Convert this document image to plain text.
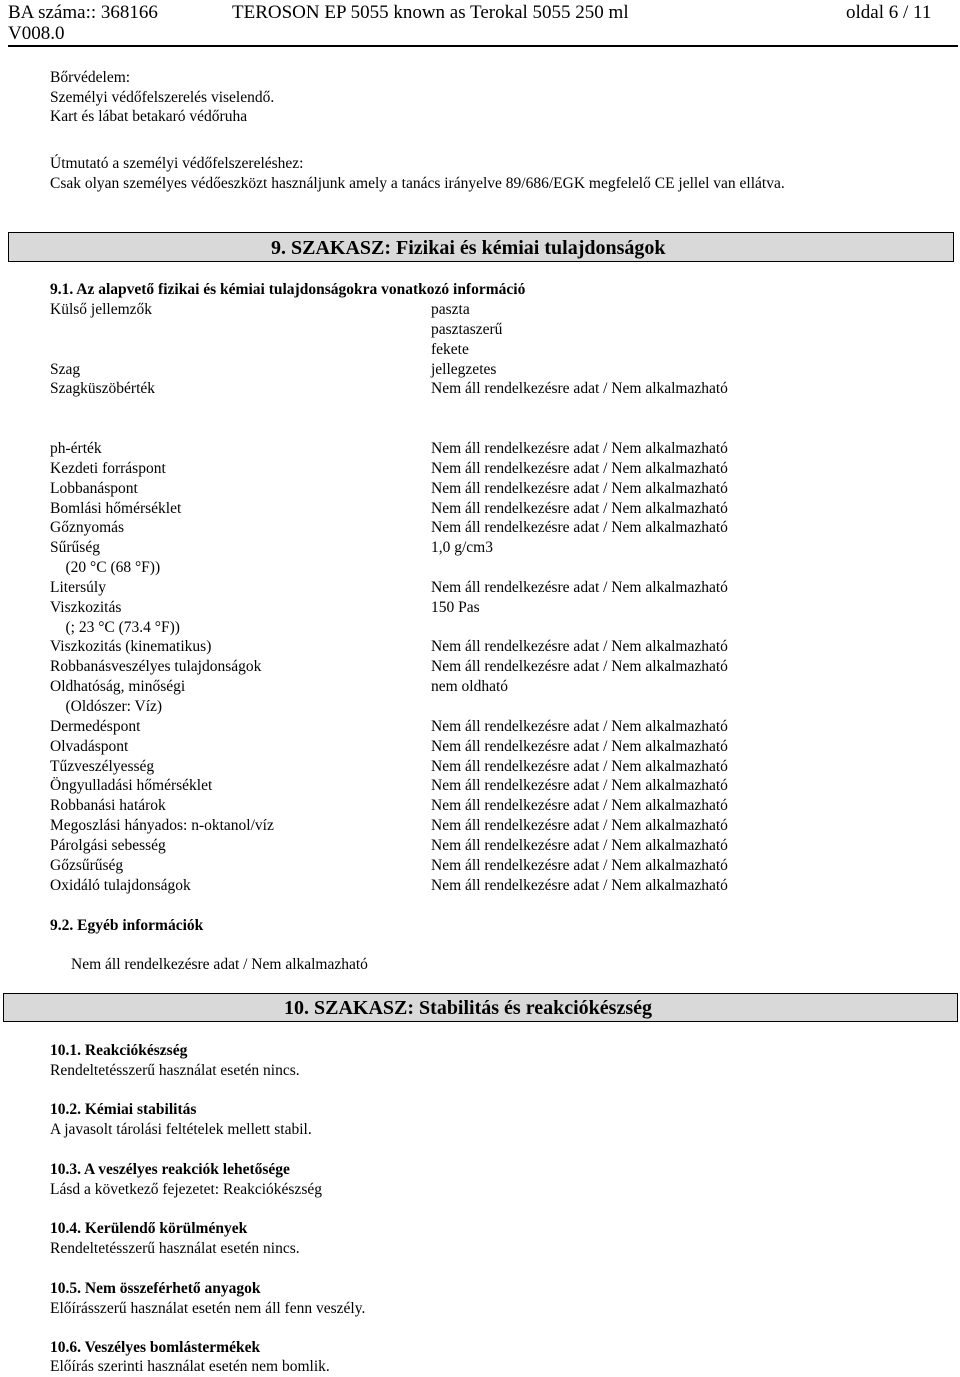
BA száma:: 368166	TEROSON EP 5055 known as Terokal 5055 250 ml	oldal 6 / 11
V008.0
Bőrvédelem:
Személyi védőfelszerelés viselendő.
Kart és lábat betakaró védőruha
Útmutató a személyi védőfelszereléshez:
Csak olyan személyes védőeszközt használjunk amely a tanács irányelve 89/686/EGK megfelelő CE jellel van ellátva.
9. SZAKASZ: Fizikai és kémiai tulajdonságok
9.1. Az alapvető fizikai és kémiai tulajdonságokra vonatkozó információ
Külső jellemzők	paszta
pasztaszerű
fekete
Szag	jellegzetes
Szagküszöbérték	Nem áll rendelkezésre adat / Nem alkalmazható
ph-érték	Nem áll rendelkezésre adat / Nem alkalmazható
Kezdeti forráspont	Nem áll rendelkezésre adat / Nem alkalmazható
Lobbanáspont	Nem áll rendelkezésre adat / Nem alkalmazható
Bomlási hőmérséklet	Nem áll rendelkezésre adat / Nem alkalmazható
Gőznyomás	Nem áll rendelkezésre adat / Nem alkalmazható
Sűrűség	1,0 g/cm3
(20 °C (68 °F))
Litersúly	Nem áll rendelkezésre adat / Nem alkalmazható
Viszkozitás	150 Pas
(; 23 °C (73.4 °F))
Viszkozitás (kinematikus)	Nem áll rendelkezésre adat / Nem alkalmazható
Robbanásveszélyes tulajdonságok	Nem áll rendelkezésre adat / Nem alkalmazható
Oldhatóság, minőségi	nem oldható
(Oldószer: Víz)
Dermedéspont	Nem áll rendelkezésre adat / Nem alkalmazható
Olvadáspont	Nem áll rendelkezésre adat / Nem alkalmazható
Tűzveszélyesség	Nem áll rendelkezésre adat / Nem alkalmazható
Öngyulladási hőmérséklet	Nem áll rendelkezésre adat / Nem alkalmazható
Robbanási határok	Nem áll rendelkezésre adat / Nem alkalmazható
Megoszlási hányados: n-oktanol/víz	Nem áll rendelkezésre adat / Nem alkalmazható
Párolgási sebesség	Nem áll rendelkezésre adat / Nem alkalmazható
Gőzsűrűség	Nem áll rendelkezésre adat / Nem alkalmazható
Oxidáló tulajdonságok	Nem áll rendelkezésre adat / Nem alkalmazható
9.2. Egyéb információk
Nem áll rendelkezésre adat / Nem alkalmazható
10. SZAKASZ: Stabilitás és reakciókészség
10.1. Reakciókészség
Rendeltetésszerű használat esetén nincs.
10.2. Kémiai stabilitás
A javasolt tárolási feltételek mellett stabil.
10.3. A veszélyes reakciók lehetősége
Lásd a következő fejezetet: Reakciókészség
10.4. Kerülendő körülmények
Rendeltetésszerű használat esetén nincs.
10.5. Nem összeférhető anyagok
Előírásszerű használat esetén nem áll fenn veszély.
10.6. Veszélyes bomlástermékek
Előírás szerinti használat esetén nem bomlik.
